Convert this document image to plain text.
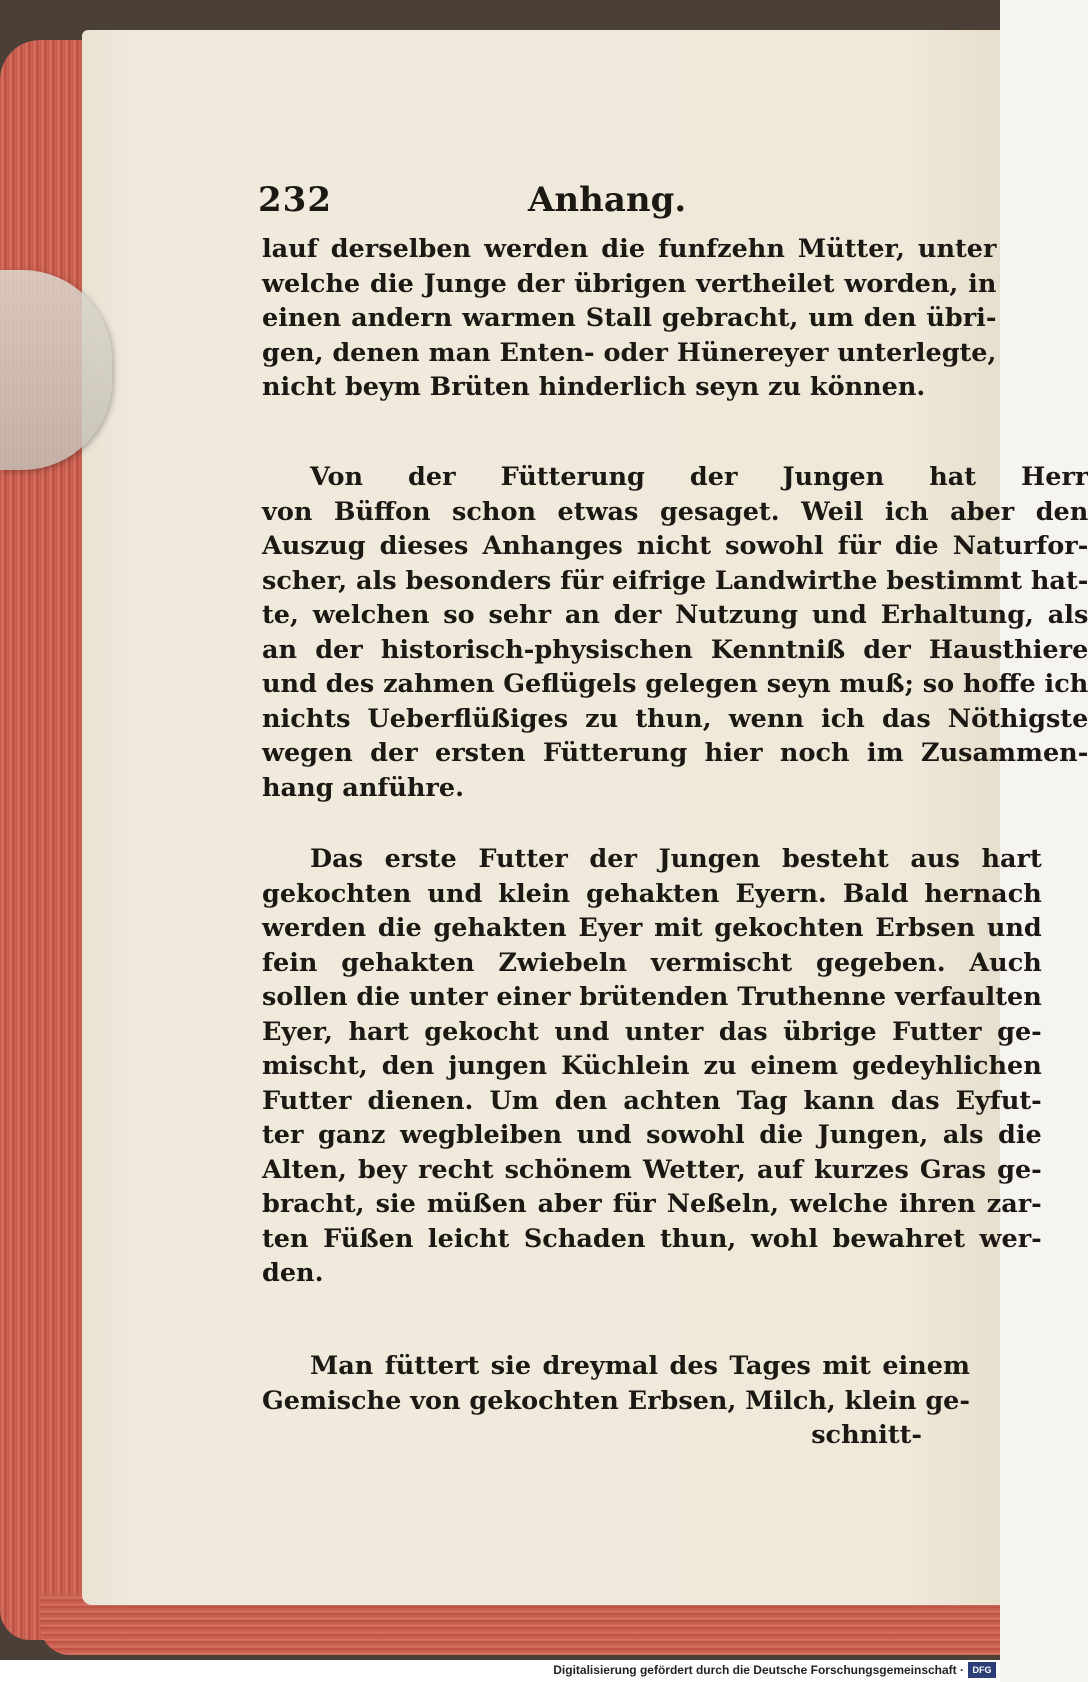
232	Anhang.

lauf derselben werden die funfzehn Mütter, unter
welche die Junge der übrigen vertheilet worden, in
einen andern warmen Stall gebracht, um den übri-
gen, denen man Enten- oder Hünereyer unterlegte,
nicht beym Brüten hinderlich seyn zu können.

Von der Fütterung der Jungen hat Herr
von Büffon schon etwas gesaget. Weil ich aber den
Auszug dieses Anhanges nicht sowohl für die Naturfor-
scher, als besonders für eifrige Landwirthe bestimmt hat-
te, welchen so sehr an der Nutzung und Erhaltung, als
an der historisch-physischen Kenntniß der Hausthiere
und des zahmen Geflügels gelegen seyn muß; so hoffe ich
nichts Ueberflüßiges zu thun, wenn ich das Nöthigste
wegen der ersten Fütterung hier noch im Zusammen-
hang anführe.

Das erste Futter der Jungen besteht aus hart
gekochten und klein gehakten Eyern. Bald hernach
werden die gehakten Eyer mit gekochten Erbsen und
fein gehakten Zwiebeln vermischt gegeben. Auch
sollen die unter einer brütenden Truthenne verfaulten
Eyer, hart gekocht und unter das übrige Futter ge-
mischt, den jungen Küchlein zu einem gedeyhlichen
Futter dienen. Um den achten Tag kann das Eyfut-
ter ganz wegbleiben und sowohl die Jungen, als die
Alten, bey recht schönem Wetter, auf kurzes Gras ge-
bracht, sie müßen aber für Neßeln, welche ihren zar-
ten Füßen leicht Schaden thun, wohl bewahret wer-
den.

Man füttert sie dreymal des Tages mit einem
Gemische von gekochten Erbsen, Milch, klein ge-

schnitt-
Digitalisierung gefördert durch die Deutsche Forschungsgemeinschaft · DFG
